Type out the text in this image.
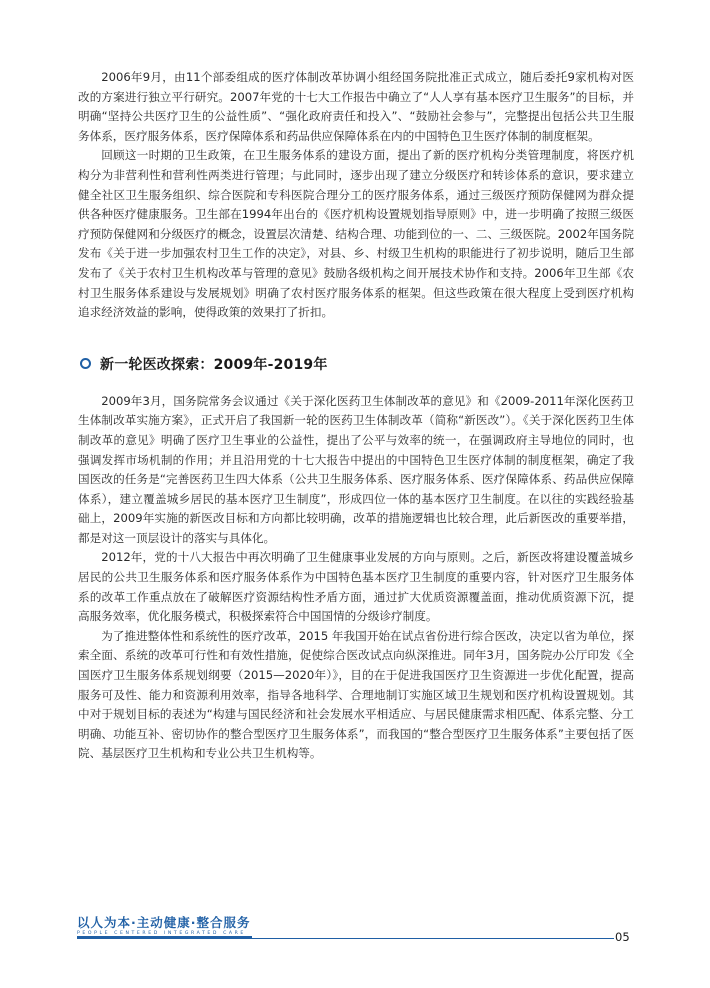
2006年9月，由11个部委组成的医疗体制改革协调小组经国务院批准正式成立，随后委托9家机构对医改的方案进行独立平行研究。2007年党的十七大工作报告中确立了“人人享有基本医疗卫生服务”的目标，并明确“坚持公共医疗卫生的公益性质”、“强化政府责任和投入”、“鼓励社会参与”，完整提出包括公共卫生服务体系，医疗服务体系，医疗保障体系和药品供应保障体系在内的中国特色卫生医疗体制的制度框架。

回顾这一时期的卫生政策，在卫生服务体系的建设方面，提出了新的医疗机构分类管理制度，将医疗机构分为非营利性和营利性两类进行管理；与此同时，逐步出现了建立分级医疗和转诊体系的意识，要求建立健全社区卫生服务组织、综合医院和专科医院合理分工的医疗服务体系，通过三级医疗预防保健网为群众提供各种医疗健康服务。卫生部在1994年出台的《医疗机构设置规划指导原则》中，进一步明确了按照三级医疗预防保健网和分级医疗的概念，设置层次清楚、结构合理、功能到位的一、二、三级医院。2002年国务院发布《关于进一步加强农村卫生工作的决定》，对县、乡、村级卫生机构的职能进行了初步说明，随后卫生部发布了《关于农村卫生机构改革与管理的意见》鼓励各级机构之间开展技术协作和支持。2006年卫生部《农村卫生服务体系建设与发展规划》明确了农村医疗服务体系的框架。但这些政策在很大程度上受到医疗机构追求经济效益的影响，使得政策的效果打了折扣。

新一轮医改探索：2009年-2019年

2009年3月，国务院常务会议通过《关于深化医药卫生体制改革的意见》和《2009-2011年深化医药卫生体制改革实施方案》，正式开启了我国新一轮的医药卫生体制改革（简称“新医改”）。《关于深化医药卫生体制改革的意见》明确了医疗卫生事业的公益性，提出了公平与效率的统一，在强调政府主导地位的同时，也强调发挥市场机制的作用；并且沿用党的十七大报告中提出的中国特色卫生医疗体制的制度框架，确定了我国医改的任务是“完善医药卫生四大体系（公共卫生服务体系、医疗服务体系、医疗保障体系、药品供应保障体系），建立覆盖城乡居民的基本医疗卫生制度”，形成四位一体的基本医疗卫生制度。在以往的实践经验基础上，2009年实施的新医改目标和方向都比较明确，改革的措施逻辑也比较合理，此后新医改的重要举措，都是对这一顶层设计的落实与具体化。

2012年，党的十八大报告中再次明确了卫生健康事业发展的方向与原则。之后，新医改将建设覆盖城乡居民的公共卫生服务体系和医疗服务体系作为中国特色基本医疗卫生制度的重要内容，针对医疗卫生服务体系的改革工作重点放在了破解医疗资源结构性矛盾方面，通过扩大优质资源覆盖面，推动优质资源下沉，提高服务效率，优化服务模式，积极探索符合中国国情的分级诊疗制度。

为了推进整体性和系统性的医疗改革，2015 年我国开始在试点省份进行综合医改，决定以省为单位，探索全面、系统的改革可行性和有效性措施，促使综合医改试点向纵深推进。同年3月，国务院办公厅印发《全国医疗卫生服务体系规划纲要（2015—2020年）》，目的在于促进我国医疗卫生资源进一步优化配置，提高服务可及性、能力和资源利用效率，指导各地科学、合理地制订实施区域卫生规划和医疗机构设置规划。其中对于规划目标的表述为“构建与国民经济和社会发展水平相适应、与居民健康需求相匹配、体系完整、分工明确、功能互补、密切协作的整合型医疗卫生服务体系”，而我国的“整合型医疗卫生服务体系”主要包括了医院、基层医疗卫生机构和专业公共卫生机构等。

以人为本·主动健康·整合服务
PEOPLE CENTERED INTEGRATED CARE	05
